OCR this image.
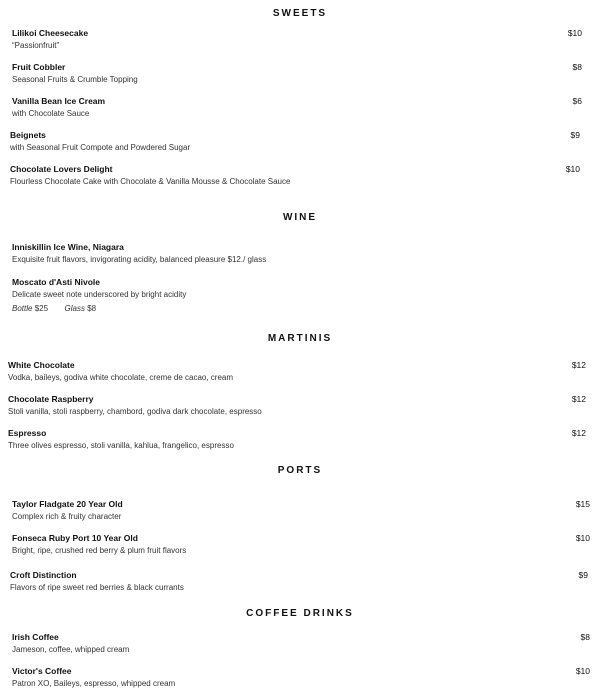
SWEETS
Lilikoi Cheesecake
“Passionfruit”
$10
Fruit Cobbler
Seasonal Fruits & Crumble Topping
$8
Vanilla Bean Ice Cream
with Chocolate Sauce
$6
Beignets
with Seasonal Fruit Compote and Powdered Sugar
$9
Chocolate Lovers Delight
Flourless Chocolate Cake with Chocolate & Vanilla Mousse & Chocolate Sauce
$10
WINE
Inniskillin Ice Wine, Niagara
Exquisite fruit flavors, invigorating acidity, balanced pleasure $12./ glass
Moscato d'Asti Nivole
Delicate sweet note underscored by bright acidity
Bottle $25 Glass $8
MARTINIS
White Chocolate
Vodka, baileys, godiva white chocolate, creme de cacao, cream
$12
Chocolate Raspberry
Stoli vanilla, stoli raspberry, chambord, godiva dark chocolate, espresso
$12
Espresso
Three olives espresso, stoli vanilla, kahlua, frangelico, espresso
$12
PORTS
Taylor Fladgate 20 Year Old
Complex rich & fruity character
$15
Fonseca Ruby Port 10 Year Old
Bright, ripe, crushed red berry & plum fruit flavors
$10
Croft Distinction
Flavors of ripe sweet red berries & black currants
$9
COFFEE DRINKS
Irish Coffee
Jameson, coffee, whipped cream
$8
Victor's Coffee
Patron XO, Baileys, espresso, whipped cream
$10
